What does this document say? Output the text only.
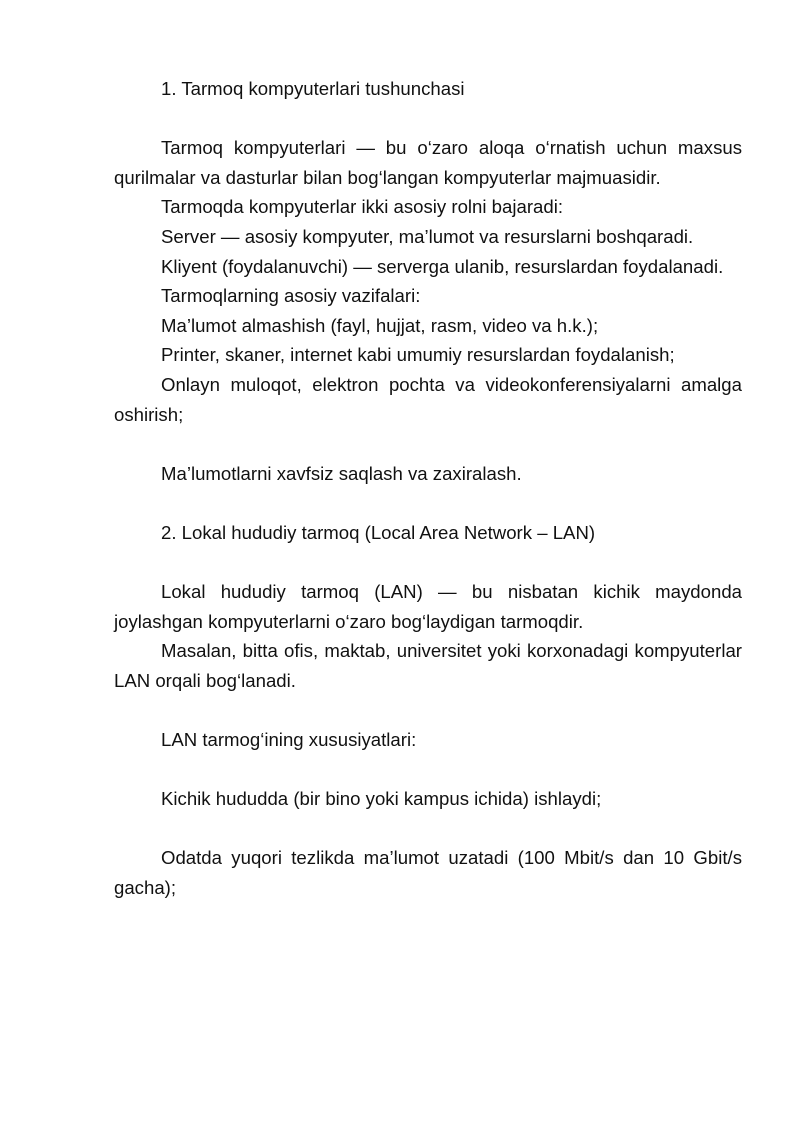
1. Tarmoq kompyuterlari tushunchasi

Tarmoq kompyuterlari — bu o‘zaro aloqa o‘rnatish uchun maxsus qurilmalar va dasturlar bilan bog‘langan kompyuterlar majmuasidir.

Tarmoqda kompyuterlar ikki asosiy rolni bajaradi:

Server — asosiy kompyuter, ma’lumot va resurslarni boshqaradi.

Kliyent (foydalanuvchi) — serverga ulanib, resurslardan foydalanadi.

Tarmoqlarning asosiy vazifalari:

Ma’lumot almashish (fayl, hujjat, rasm, video va h.k.);

Printer, skaner, internet kabi umumiy resurslardan foydalanish;

Onlayn muloqot, elektron pochta va videokonferensiyalarni amalga oshirish;

Ma’lumotlarni xavfsiz saqlash va zaxiralash.

2. Lokal hududiy tarmoq (Local Area Network – LAN)

Lokal hududiy tarmoq (LAN) — bu nisbatan kichik maydonda joylashgan kompyuterlarni o‘zaro bog‘laydigan tarmoqdir.

Masalan, bitta ofis, maktab, universitet yoki korxonadagi kompyuterlar LAN orqali bog‘lanadi.

LAN tarmog‘ining xususiyatlari:

Kichik hududda (bir bino yoki kampus ichida) ishlaydi;

Odatda yuqori tezlikda ma’lumot uzatadi (100 Mbit/s dan 10 Gbit/s gacha);
